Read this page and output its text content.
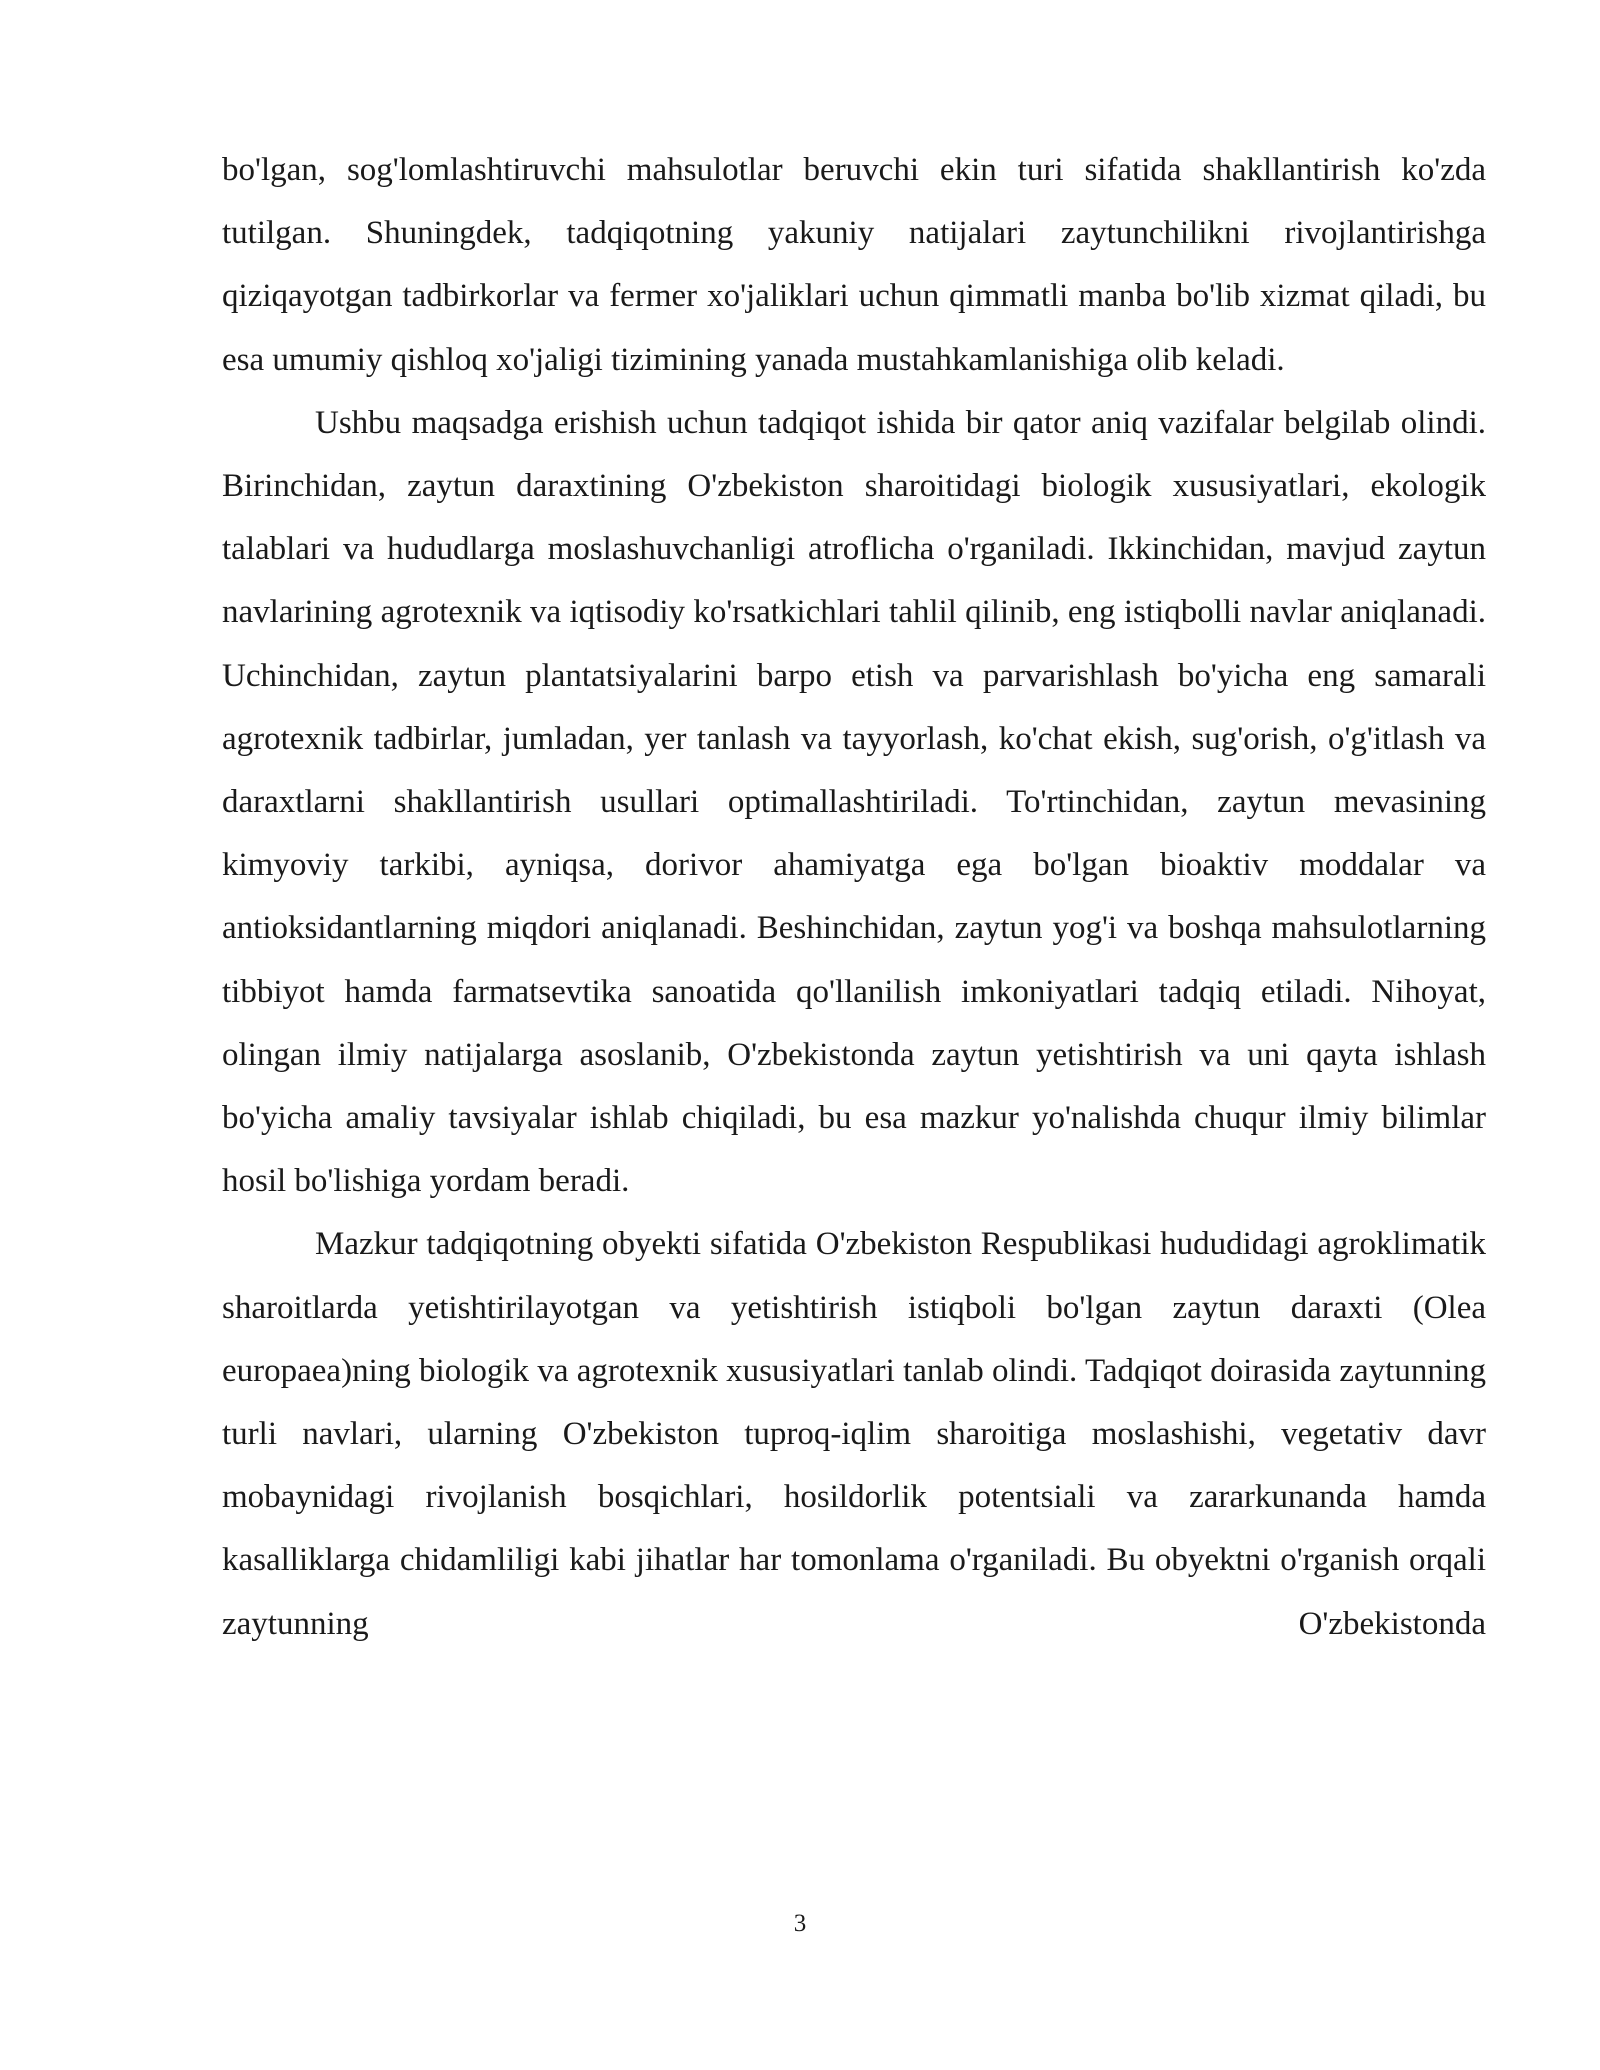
bo'lgan, sog'lomlashtiruvchi mahsulotlar beruvchi ekin turi sifatida shakllantirish ko'zda tutilgan. Shuningdek, tadqiqotning yakuniy natijalari zaytunchilikni rivojlantirishga qiziqayotgan tadbirkorlar va fermer xo'jaliklari uchun qimmatli manba bo'lib xizmat qiladi, bu esa umumiy qishloq xo'jaligi tizimining yanada mustahkamlanishiga olib keladi.

Ushbu maqsadga erishish uchun tadqiqot ishida bir qator aniq vazifalar belgilab olindi. Birinchidan, zaytun daraxtining O'zbekiston sharoitidagi biologik xususiyatlari, ekologik talablari va hududlarga moslashuvchanligi atroflicha o'rganiladi. Ikkinchidan, mavjud zaytun navlarining agrotexnik va iqtisodiy ko'rsatkichlari tahlil qilinib, eng istiqbolli navlar aniqlanadi. Uchinchidan, zaytun plantatsiyalarini barpo etish va parvarishlash bo'yicha eng samarali agrotexnik tadbirlar, jumladan, yer tanlash va tayyorlash, ko'chat ekish, sug'orish, o'g'itlash va daraxtlarni shakllantirish usullari optimallashtiriladi. To'rtinchidan, zaytun mevasining kimyoviy tarkibi, ayniqsa, dorivor ahamiyatga ega bo'lgan bioaktiv moddalar va antioksidantlarning miqdori aniqlanadi. Beshinchidan, zaytun yog'i va boshqa mahsulotlarning tibbiyot hamda farmatsevtika sanoatida qo'llanilish imkoniyatlari tadqiq etiladi. Nihoyat, olingan ilmiy natijalarga asoslanib, O'zbekistonda zaytun yetishtirish va uni qayta ishlash bo'yicha amaliy tavsiyalar ishlab chiqiladi, bu esa mazkur yo'nalishda chuqur ilmiy bilimlar hosil bo'lishiga yordam beradi.

Mazkur tadqiqotning obyekti sifatida O'zbekiston Respublikasi hududidagi agroklimatik sharoitlarda yetishtirilayotgan va yetishtirish istiqboli bo'lgan zaytun daraxti (Olea europaea)ning biologik va agrotexnik xususiyatlari tanlab olindi. Tadqiqot doirasida zaytunning turli navlari, ularning O'zbekiston tuproq-iqlim sharoitiga moslashishi, vegetativ davr mobaynidagi rivojlanish bosqichlari, hosildorlik potentsiali va zararkunanda hamda kasalliklarga chidamliligi kabi jihatlar har tomonlama o'rganiladi. Bu obyektni o'rganish orqali zaytunning O'zbekistonda

3
